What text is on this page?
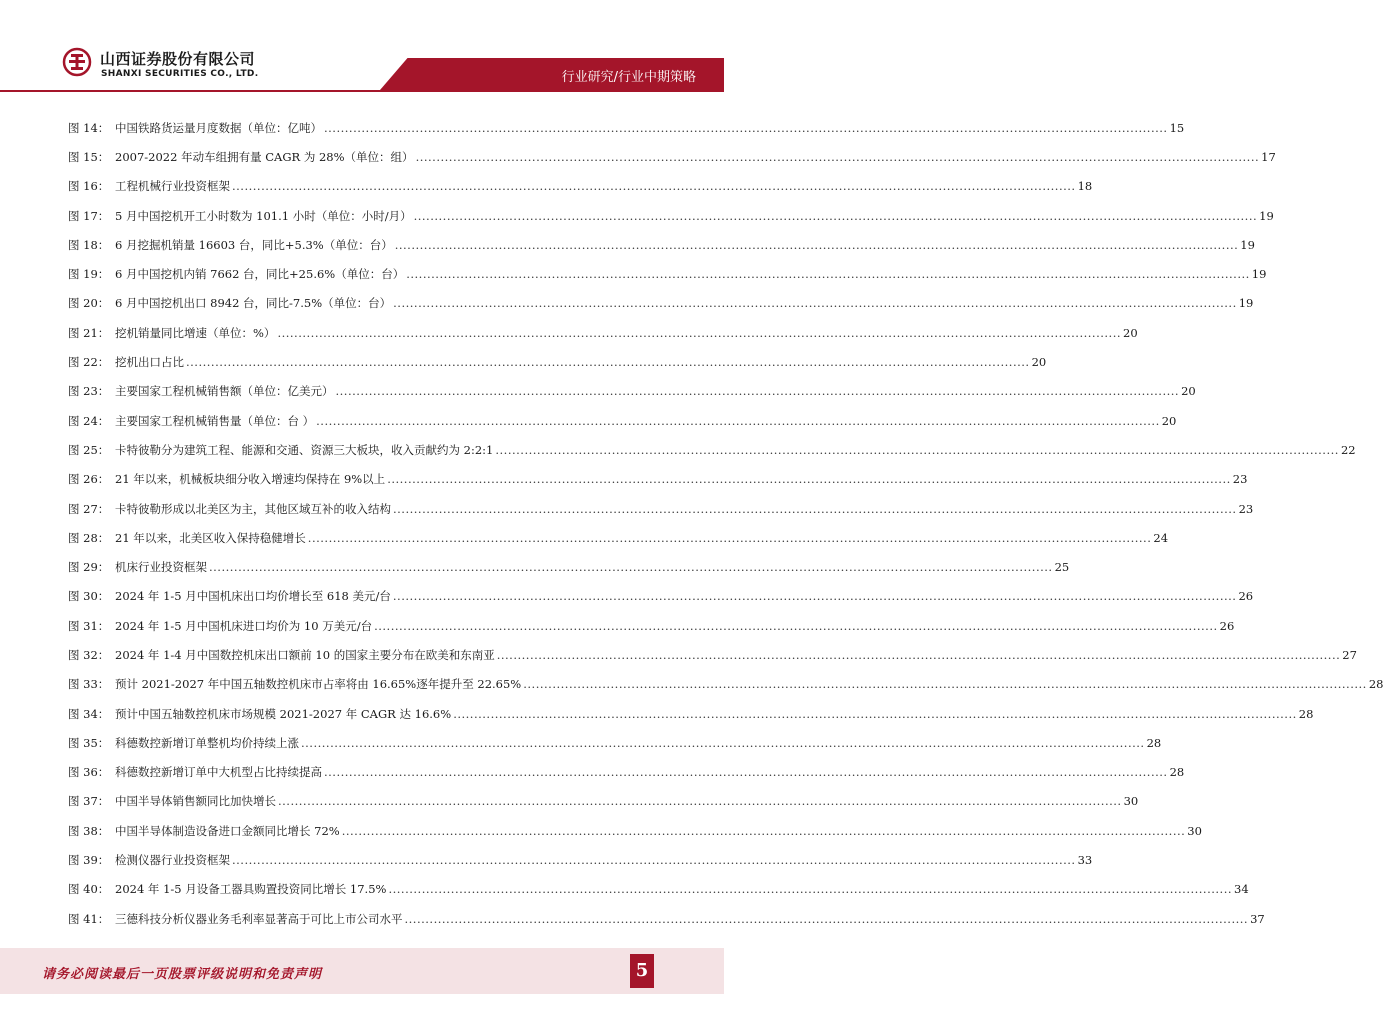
山西证券股份有限公司
SHANXI SECURITIES CO., LTD.	行业研究/行业中期策略
图 14： 中国铁路货运量月度数据（单位：亿吨） .....	15
图 15： 2007-2022 年动车组拥有量 CAGR 为 28%（单位：组） .....	17
图 16： 工程机械行业投资框架 .....	18
图 17： 5 月中国挖机开工小时数为 101.1 小时（单位：小时/月） .....	19
图 18： 6 月挖掘机销量 16603 台，同比+5.3%（单位：台） .....	19
图 19： 6 月中国挖机内销 7662 台，同比+25.6%（单位：台） .....	19
图 20： 6 月中国挖机出口 8942 台，同比-7.5%（单位：台） .....	19
图 21： 挖机销量同比增速（单位：%） .....	20
图 22： 挖机出口占比 .....	20
图 23： 主要国家工程机械销售额（单位：亿美元） .....	20
图 24： 主要国家工程机械销售量（单位：台 ） .....	20
图 25： 卡特彼勒分为建筑工程、能源和交通、资源三大板块，收入贡献约为 2:2:1 .....	22
图 26： 21 年以来，机械板块细分收入增速均保持在 9%以上 .....	23
图 27： 卡特彼勒形成以北美区为主，其他区域互补的收入结构 .....	23
图 28： 21 年以来，北美区收入保持稳健增长 .....	24
图 29： 机床行业投资框架 .....	25
图 30： 2024 年 1-5 月中国机床出口均价增长至 618 美元/台 .....	26
图 31： 2024 年 1-5 月中国机床进口均价为 10 万美元/台 .....	26
图 32： 2024 年 1-4 月中国数控机床出口额前 10 的国家主要分布在欧美和东南亚 .....	27
图 33： 预计 2021-2027 年中国五轴数控机床市占率将由 16.65%逐年提升至 22.65% .....	28
图 34： 预计中国五轴数控机床市场规模 2021-2027 年 CAGR 达 16.6% .....	28
图 35： 科德数控新增订单整机均价持续上涨 .....	28
图 36： 科德数控新增订单中大机型占比持续提高 .....	28
图 37： 中国半导体销售额同比加快增长 .....	30
图 38： 中国半导体制造设备进口金额同比增长 72% .....	30
图 39： 检测仪器行业投资框架 .....	33
图 40： 2024 年 1-5 月设备工器具购置投资同比增长 17.5% .....	34
图 41： 三德科技分析仪器业务毛利率显著高于可比上市公司水平 .....	37
请务必阅读最后一页股票评级说明和免责声明	5
